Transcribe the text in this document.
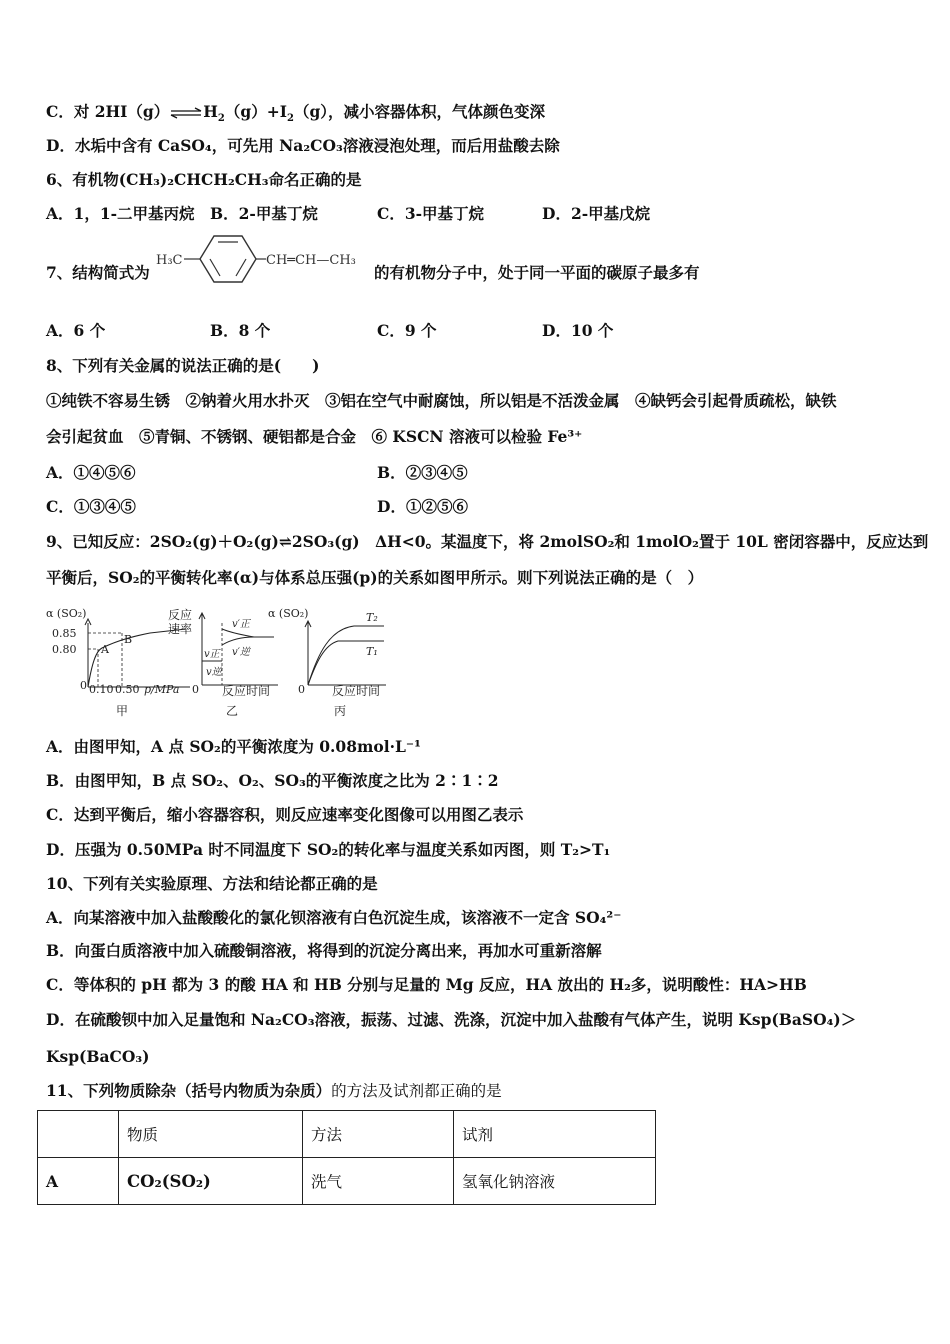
C．对 $2HI(g)\rightleftharpoons H_2(g)+I_2(g)$，减小容器体积，气体颜色变深
D．水垢中含有 CaSO₄，可先用 Na₂CO₃溶液浸泡处理，而后用盐酸去除
6、有机物(CH₃)₂CHCH₂CH₃命名正确的是
A．1，1-二甲基丙烷 B．2-甲基丁烷	C．3-甲基丁烷	D．2-甲基戊烷
7、结构简式为
H₃C	CH═CH—CH₃
的有机物分子中，处于同一平面的碳原子最多有
A．6 个	B．8 个	C．9 个	D．10 个
8、下列有关金属的说法正确的是(　　)
①纯铁不容易生锈　②钠着火用水扑灭　③铝在空气中耐腐蚀，所以铝是不活泼金属　④缺钙会引起骨质疏松，缺铁
会引起贫血　⑤青铜、不锈钢、硬铝都是合金　⑥ KSCN 溶液可以检验 Fe³⁺
A．①④⑤⑥	B．②③④⑤
C．①③④⑤	D．①②⑤⑥
9、已知反应：2SO₂(g)＋O₂(g)⇌2SO₃(g)　ΔH<0。某温度下，将 2molSO₂和 1molO₂置于 10L 密闭容器中，反应达到
平衡后，SO₂的平衡转化率(α)与体系总压强(p)的关系如图甲所示。则下列说法正确的是（　）
α (SO₂)
0.85
0.80 A
B
0 0.10 0.50 p/MPa
甲
反应
速率
v正
v逆
v′正
v′逆
0 反应时间
乙
α (SO₂)	T₂
T₁
0 反应时间
丙
A．由图甲知，A 点 SO₂的平衡浓度为 0.08mol·L⁻¹
B．由图甲知，B 点 SO₂、O₂、SO₃的平衡浓度之比为 2∶1∶2
C．达到平衡后，缩小容器容积，则反应速率变化图像可以用图乙表示
D．压强为 0.50MPa 时不同温度下 SO₂的转化率与温度关系如丙图，则 T₂>T₁
10、下列有关实验原理、方法和结论都正确的是
A．向某溶液中加入盐酸酸化的氯化钡溶液有白色沉淀生成，该溶液不一定含 SO₄²⁻
B．向蛋白质溶液中加入硫酸铜溶液，将得到的沉淀分离出来，再加水可重新溶解
C．等体积的 pH 都为 3 的酸 HA 和 HB 分别与足量的 Mg 反应，HA 放出的 H₂多，说明酸性：HA>HB
D．在硫酸钡中加入足量饱和 Na₂CO₃溶液，振荡、过滤、洗涤，沉淀中加入盐酸有气体产生，说明 Ksp(BaSO₄)＞
Ksp(BaCO₃)
11、下列物质除杂（括号内物质为杂质）的方法及试剂都正确的是
	物质	方法	试剂
A	CO₂(SO₂)	洗气	氢氧化钠溶液
